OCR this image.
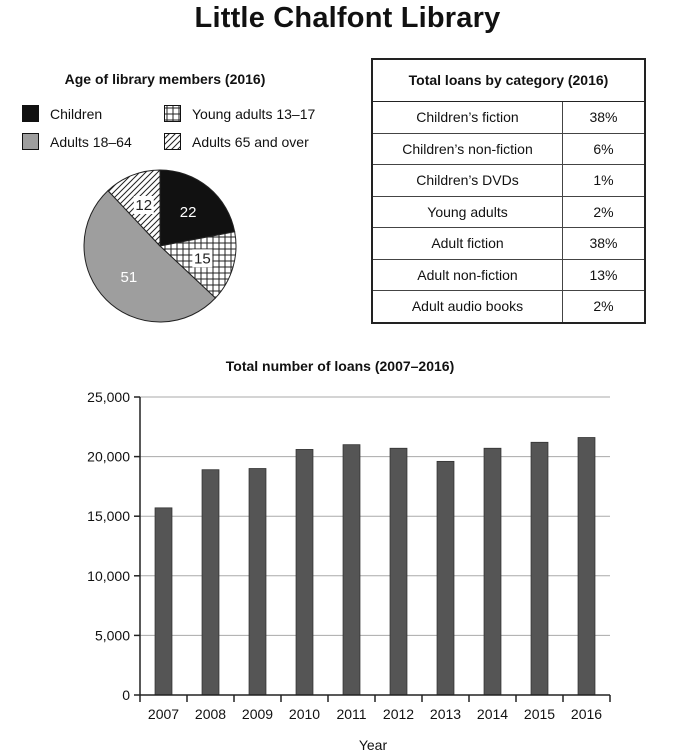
Little Chalfont Library
Age of library members (2016)
Children	Young adults 13–17
Adults 18–64	Adults 65 and over
22
15
51
12
Total loans by category (2016)
Children’s fiction	38%
Children’s non-fiction	6%
Children’s DVDs	1%
Young adults	2%
Adult fiction	38%
Adult non-fiction	13%
Adult audio books	2%
Total number of loans (2007–2016)
0
5,000
10,000
15,000
20,000
25,000
2007 2008 2009 2010 2011 2012 2013 2014 2015 2016
Year
